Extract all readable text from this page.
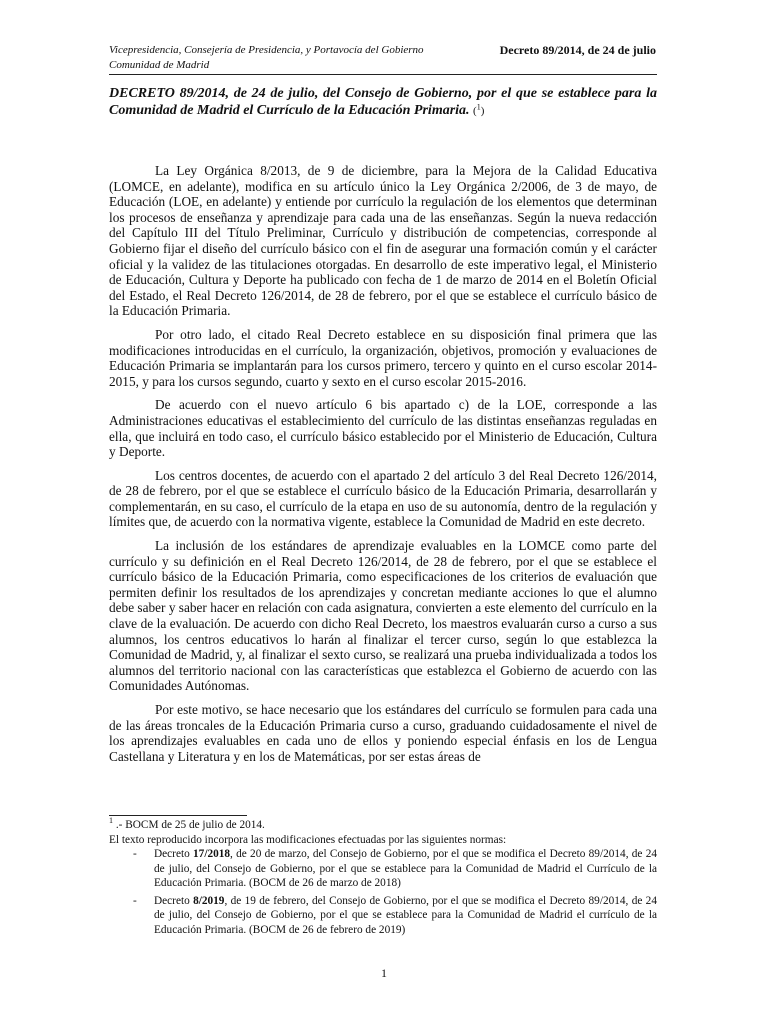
Vicepresidencia, Consejería de Presidencia, y Portavocía del Gobierno
Comunidad de Madrid
Decreto 89/2014, de 24 de julio

DECRETO 89/2014, de 24 de julio, del Consejo de Gobierno, por el que se establece para la Comunidad de Madrid el Currículo de la Educación Primaria. ($^1$)

La Ley Orgánica 8/2013, de 9 de diciembre, para la Mejora de la Calidad Educativa (LOMCE, en adelante), modifica en su artículo único la Ley Orgánica 2/2006, de 3 de mayo, de Educación (LOE, en adelante) y entiende por currículo la regulación de los elementos que determinan los procesos de enseñanza y aprendizaje para cada una de las enseñanzas. Según la nueva redacción del Capítulo III del Título Preliminar, Currículo y distribución de competencias, corresponde al Gobierno fijar el diseño del currículo básico con el fin de asegurar una formación común y el carácter oficial y la validez de las titulaciones otorgadas. En desarrollo de este imperativo legal, el Ministerio de Educación, Cultura y Deporte ha publicado con fecha de 1 de marzo de 2014 en el Boletín Oficial del Estado, el Real Decreto 126/2014, de 28 de febrero, por el que se establece el currículo básico de la Educación Primaria.

Por otro lado, el citado Real Decreto establece en su disposición final primera que las modificaciones introducidas en el currículo, la organización, objetivos, promoción y evaluaciones de Educación Primaria se implantarán para los cursos primero, tercero y quinto en el curso escolar 2014-2015, y para los cursos segundo, cuarto y sexto en el curso escolar 2015-2016.

De acuerdo con el nuevo artículo 6 bis apartado c) de la LOE, corresponde a las Administraciones educativas el establecimiento del currículo de las distintas enseñanzas reguladas en ella, que incluirá en todo caso, el currículo básico establecido por el Ministerio de Educación, Cultura y Deporte.

Los centros docentes, de acuerdo con el apartado 2 del artículo 3 del Real Decreto 126/2014, de 28 de febrero, por el que se establece el currículo básico de la Educación Primaria, desarrollarán y complementarán, en su caso, el currículo de la etapa en uso de su autonomía, dentro de la regulación y límites que, de acuerdo con la normativa vigente, establece la Comunidad de Madrid en este decreto.

La inclusión de los estándares de aprendizaje evaluables en la LOMCE como parte del currículo y su definición en el Real Decreto 126/2014, de 28 de febrero, por el que se establece el currículo básico de la Educación Primaria, como especificaciones de los criterios de evaluación que permiten definir los resultados de los aprendizajes y concretan mediante acciones lo que el alumno debe saber y saber hacer en relación con cada asignatura, convierten a este elemento del currículo en la clave de la evaluación. De acuerdo con dicho Real Decreto, los maestros evaluarán curso a curso a sus alumnos, los centros educativos lo harán al finalizar el tercer curso, según lo que establezca la Comunidad de Madrid, y, al finalizar el sexto curso, se realizará una prueba individualizada a todos los alumnos del territorio nacional con las características que establezca el Gobierno de acuerdo con las Comunidades Autónomas.

Por este motivo, se hace necesario que los estándares del currículo se formulen para cada una de las áreas troncales de la Educación Primaria curso a curso, graduando cuidadosamente el nivel de los aprendizajes evaluables en cada uno de ellos y poniendo especial énfasis en los de Lengua Castellana y Literatura y en los de Matemáticas, por ser estas áreas de

$^1$ .- BOCM de 25 de julio de 2014.

El texto reproducido incorpora las modificaciones efectuadas por las siguientes normas:

- Decreto 17/2018, de 20 de marzo, del Consejo de Gobierno, por el que se modifica el Decreto 89/2014, de 24 de julio, del Consejo de Gobierno, por el que se establece para la Comunidad de Madrid el Currículo de la Educación Primaria. (BOCM de 26 de marzo de 2018)
- Decreto 8/2019, de 19 de febrero, del Consejo de Gobierno, por el que se modifica el Decreto 89/2014, de 24 de julio, del Consejo de Gobierno, por el que se establece para la Comunidad de Madrid el currículo de la Educación Primaria. (BOCM de 26 de febrero de 2019)
1
